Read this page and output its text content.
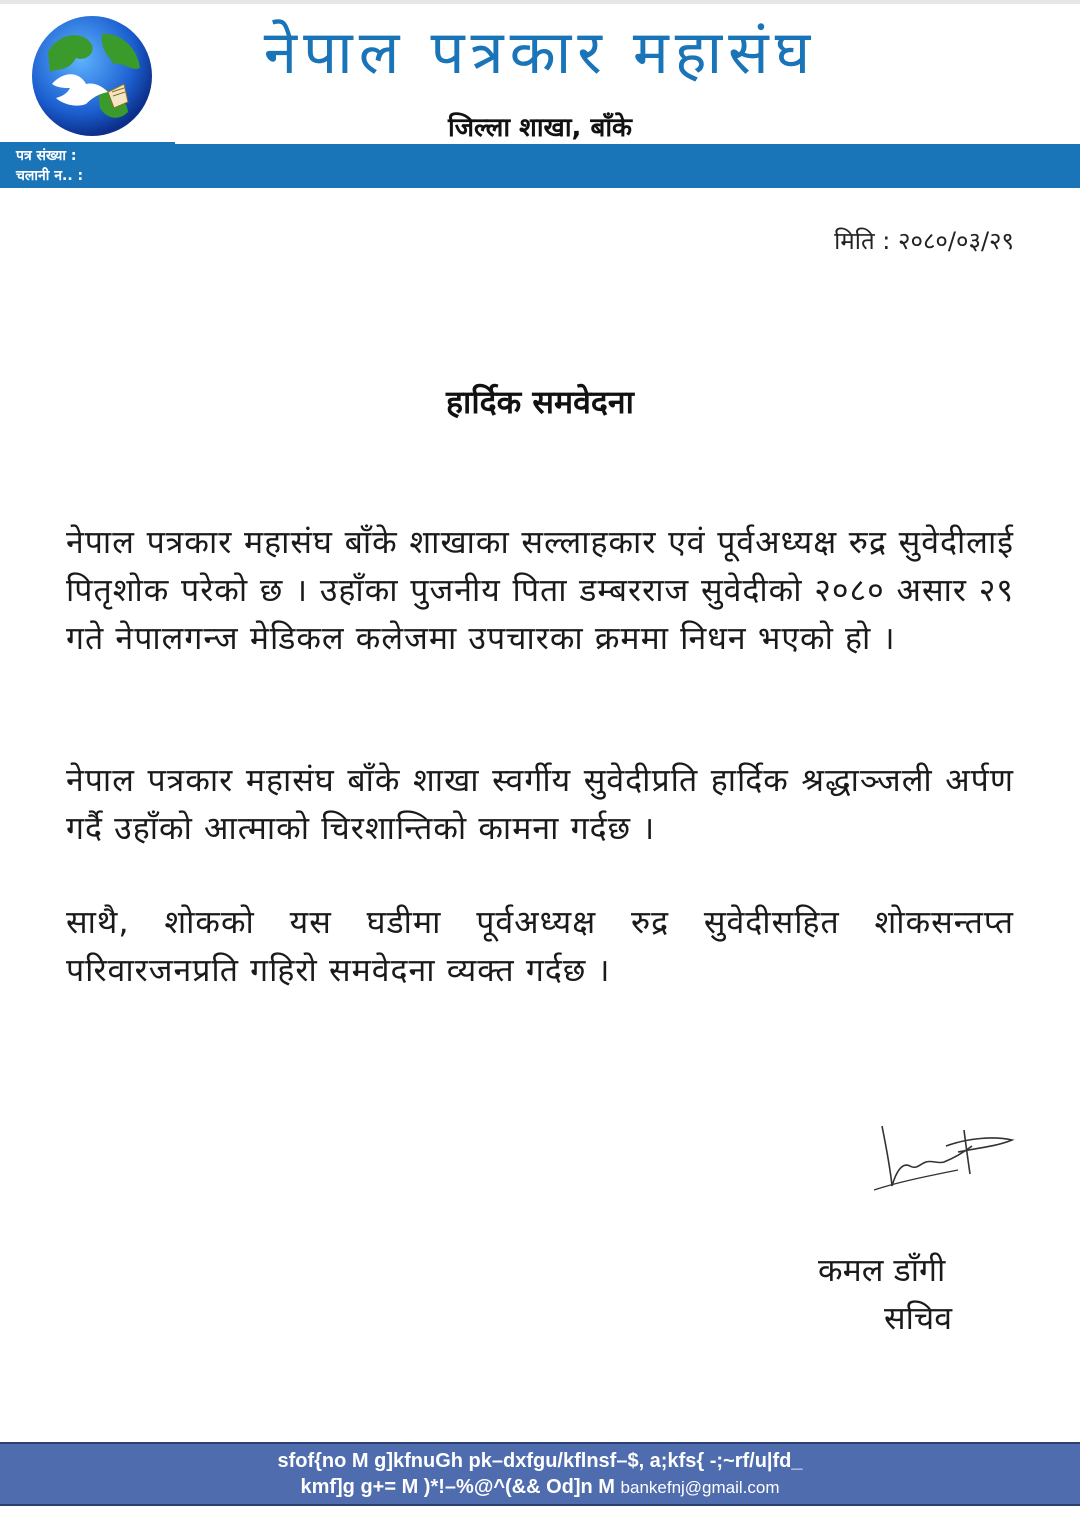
नेपाल पत्रकार महासंघ
जिल्ला शाखा, बाँके
पत्र संख्या :
चलानी न.. :
मिति : २०८०/०३/२९
हार्दिक समवेदना
नेपाल पत्रकार महासंघ बाँके शाखाका सल्लाहकार एवं पूर्वअध्यक्ष रुद्र सुवेदीलाई पितृशोक परेको छ । उहाँका पुजनीय पिता डम्बरराज सुवेदीको २०८० असार २९ गते नेपालगन्ज मेडिकल कलेजमा उपचारका क्रममा निधन भएको हो ।
नेपाल पत्रकार महासंघ बाँके शाखा स्वर्गीय सुवेदीप्रति हार्दिक श्रद्धाञ्जली अर्पण गर्दै उहाँको आत्माको चिरशान्तिको कामना गर्दछ ।
साथै, शोकको यस घडीमा पूर्वअध्यक्ष रुद्र सुवेदीसहित शोकसन्तप्त परिवारजनप्रति गहिरो समवेदना व्यक्त गर्दछ ।
कमल डाँगी
सचिव
sfof{no M g]kfnuGh pk–dxfgu/kflnsf–$, a;kfs{ -;~rf/u|fd_
kmf]g g+= M )*!–%@^(&& Od]n M bankefnj@gmail.com
